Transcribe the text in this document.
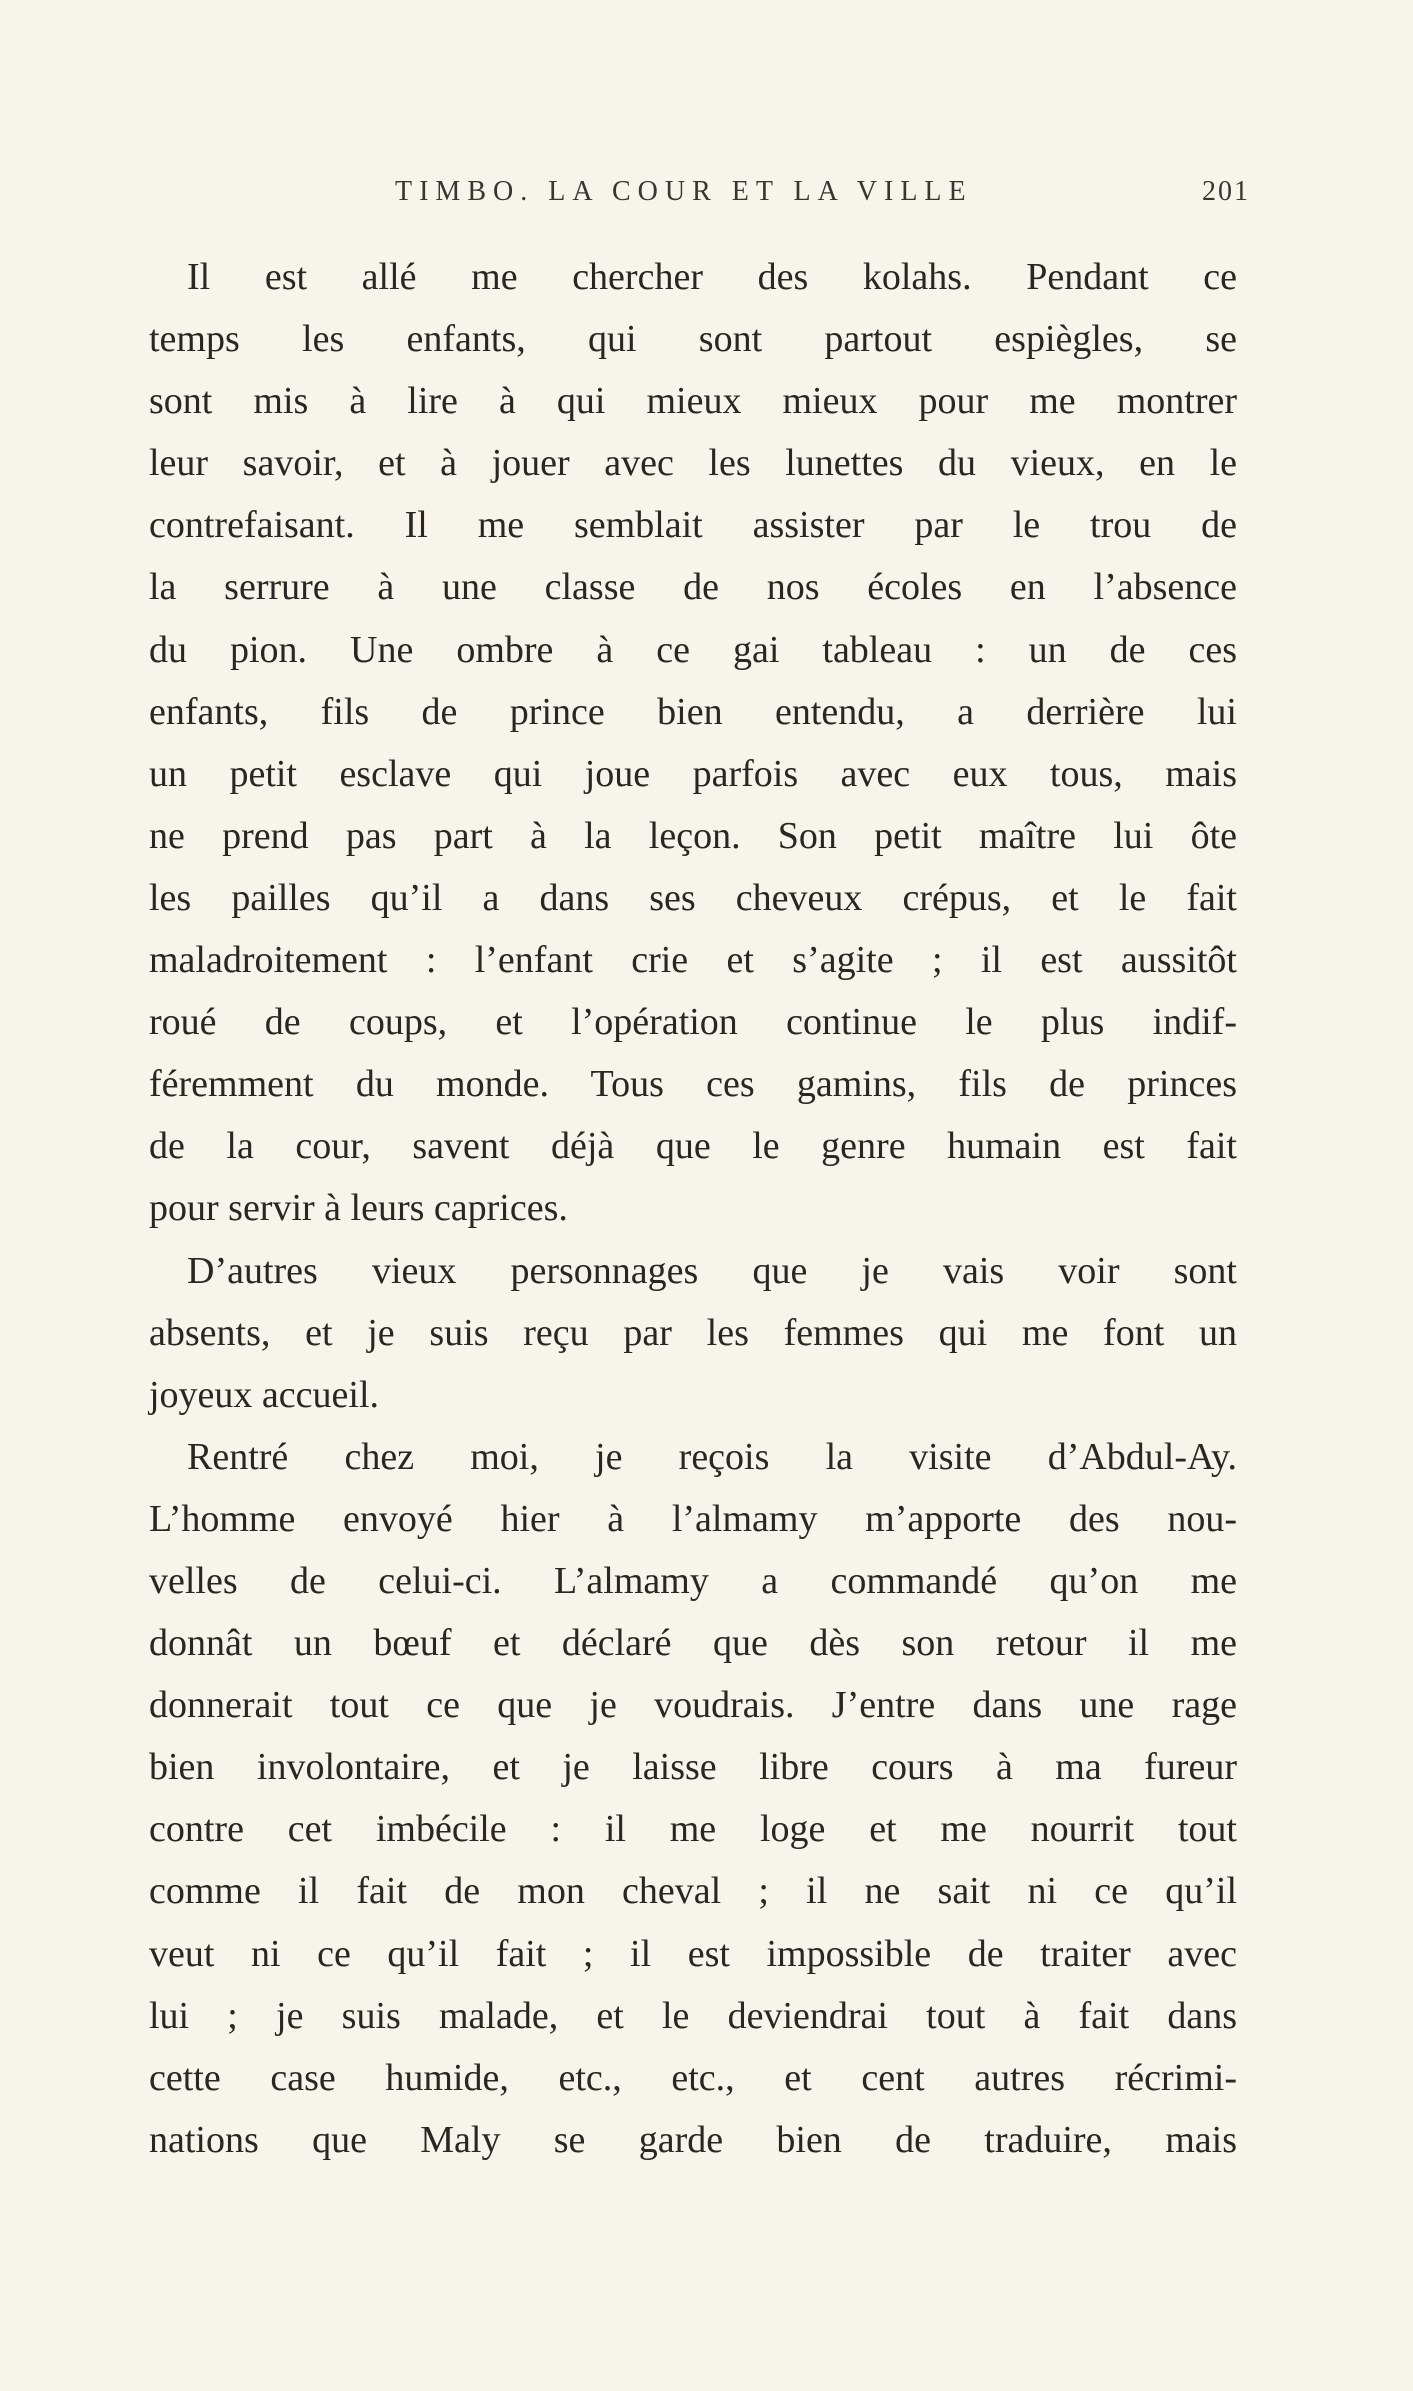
TIMBO. LA COUR ET LA VILLE	201
Il est allé me chercher des kolahs. Pendant ce
temps les enfants, qui sont partout espiègles, se
sont mis à lire à qui mieux mieux pour me montrer
leur savoir, et à jouer avec les lunettes du vieux, en le
contrefaisant. Il me semblait assister par le trou de
la serrure à une classe de nos écoles en l’absence
du pion. Une ombre à ce gai tableau : un de ces
enfants, fils de prince bien entendu, a derrière lui
un petit esclave qui joue parfois avec eux tous, mais
ne prend pas part à la leçon. Son petit maître lui ôte
les pailles qu’il a dans ses cheveux crépus, et le fait
maladroitement : l’enfant crie et s’agite ; il est aussitôt
roué de coups, et l’opération continue le plus indif-
féremment du monde. Tous ces gamins, fils de princes
de la cour, savent déjà que le genre humain est fait
pour servir à leurs caprices.
D’autres vieux personnages que je vais voir sont
absents, et je suis reçu par les femmes qui me font un
joyeux accueil.
Rentré chez moi, je reçois la visite d’Abdul-Ay.
L’homme envoyé hier à l’almamy m’apporte des nou-
velles de celui-ci. L’almamy a commandé qu’on me
donnât un bœuf et déclaré que dès son retour il me
donnerait tout ce que je voudrais. J’entre dans une rage
bien involontaire, et je laisse libre cours à ma fureur
contre cet imbécile : il me loge et me nourrit tout
comme il fait de mon cheval ; il ne sait ni ce qu’il
veut ni ce qu’il fait ; il est impossible de traiter avec
lui ; je suis malade, et le deviendrai tout à fait dans
cette case humide, etc., etc., et cent autres récrimi-
nations que Maly se garde bien de traduire, mais
